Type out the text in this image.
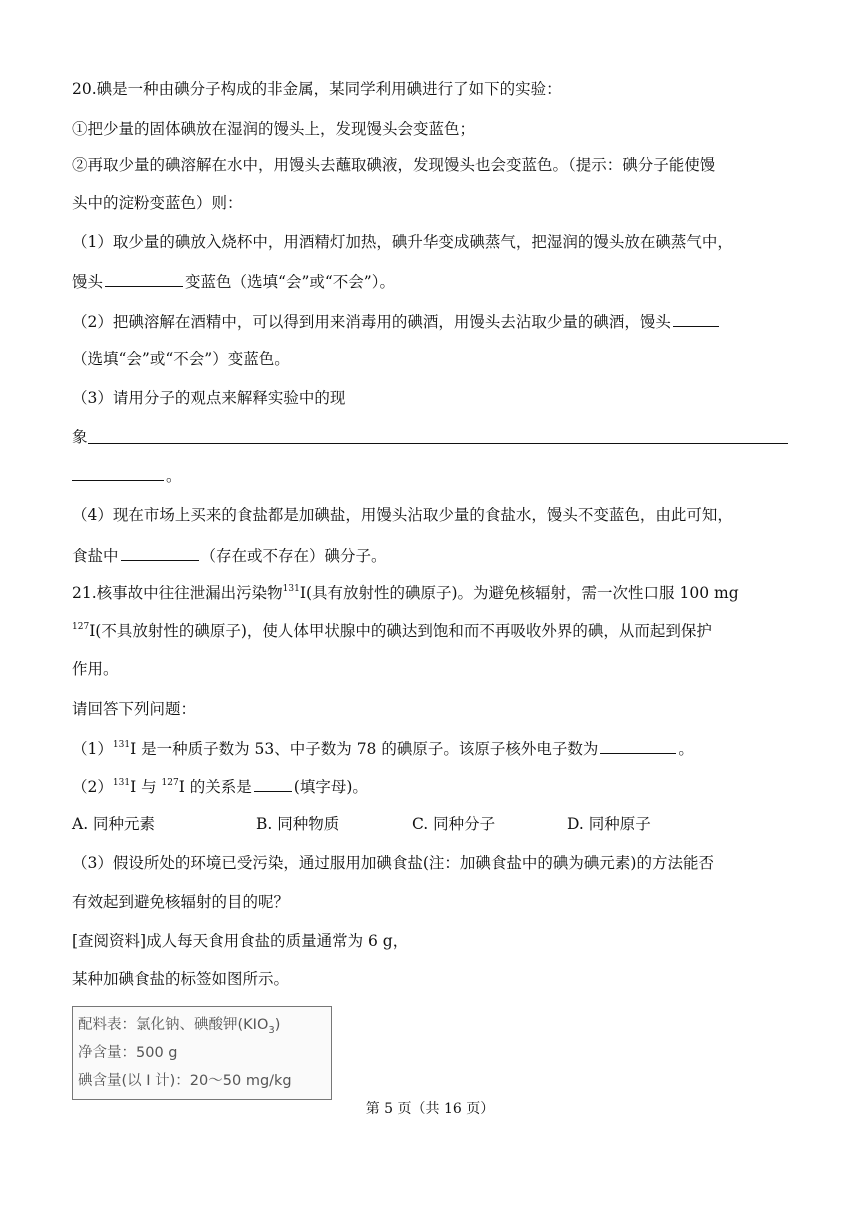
20.碘是一种由碘分子构成的非金属，某同学利用碘进行了如下的实验：
①把少量的固体碘放在湿润的馒头上，发现馒头会变蓝色；
②再取少量的碘溶解在水中，用馒头去蘸取碘液，发现馒头也会变蓝色。（提示：碘分子能使馒
头中的淀粉变蓝色）则：
（1）取少量的碘放入烧杯中，用酒精灯加热，碘升华变成碘蒸气，把湿润的馒头放在碘蒸气中，
馒头	变蓝色（选填“会”或“不会”）。
（2）把碘溶解在酒精中，可以得到用来消毒用的碘酒，用馒头去沾取少量的碘酒，馒头
（选填“会”或“不会”）变蓝色。
（3）请用分子的观点来解释实验中的现
象
。
（4）现在市场上买来的食盐都是加碘盐，用馒头沾取少量的食盐水，馒头不变蓝色，由此可知，
食盐中	（存在或不存在）碘分子。
21.核事故中往往泄漏出污染物$^{131}$I(具有放射性的碘原子)。为避免核辐射，需一次性口服 100 mg
$^{127}$I(不具放射性的碘原子)，使人体甲状腺中的碘达到饱和而不再吸收外界的碘，从而起到保护
作用。
请回答下列问题：
$(1)^{131}I$ 是一种质子数为 53、中子数为 78 的碘原子。该原子核外电子数为	。
$(2)^{131}I$ 与 $^{127}$I 的关系是	(填字母)。
A. 同种元素	B. 同种物质	C. 同种分子	D. 同种原子
（3）假设所处的环境已受污染，通过服用加碘食盐(注：加碘食盐中的碘为碘元素)的方法能否
有效起到避免核辐射的目的呢？
[查阅资料]成人每天食用食盐的质量通常为 6 g，
某种加碘食盐的标签如图所示。
配料表：氯化钠、碘酸钾$(KIO_3)$
净含量：500 g
碘含量(以 I 计)：20～50 mg/kg
第 5 页（共 16 页）
